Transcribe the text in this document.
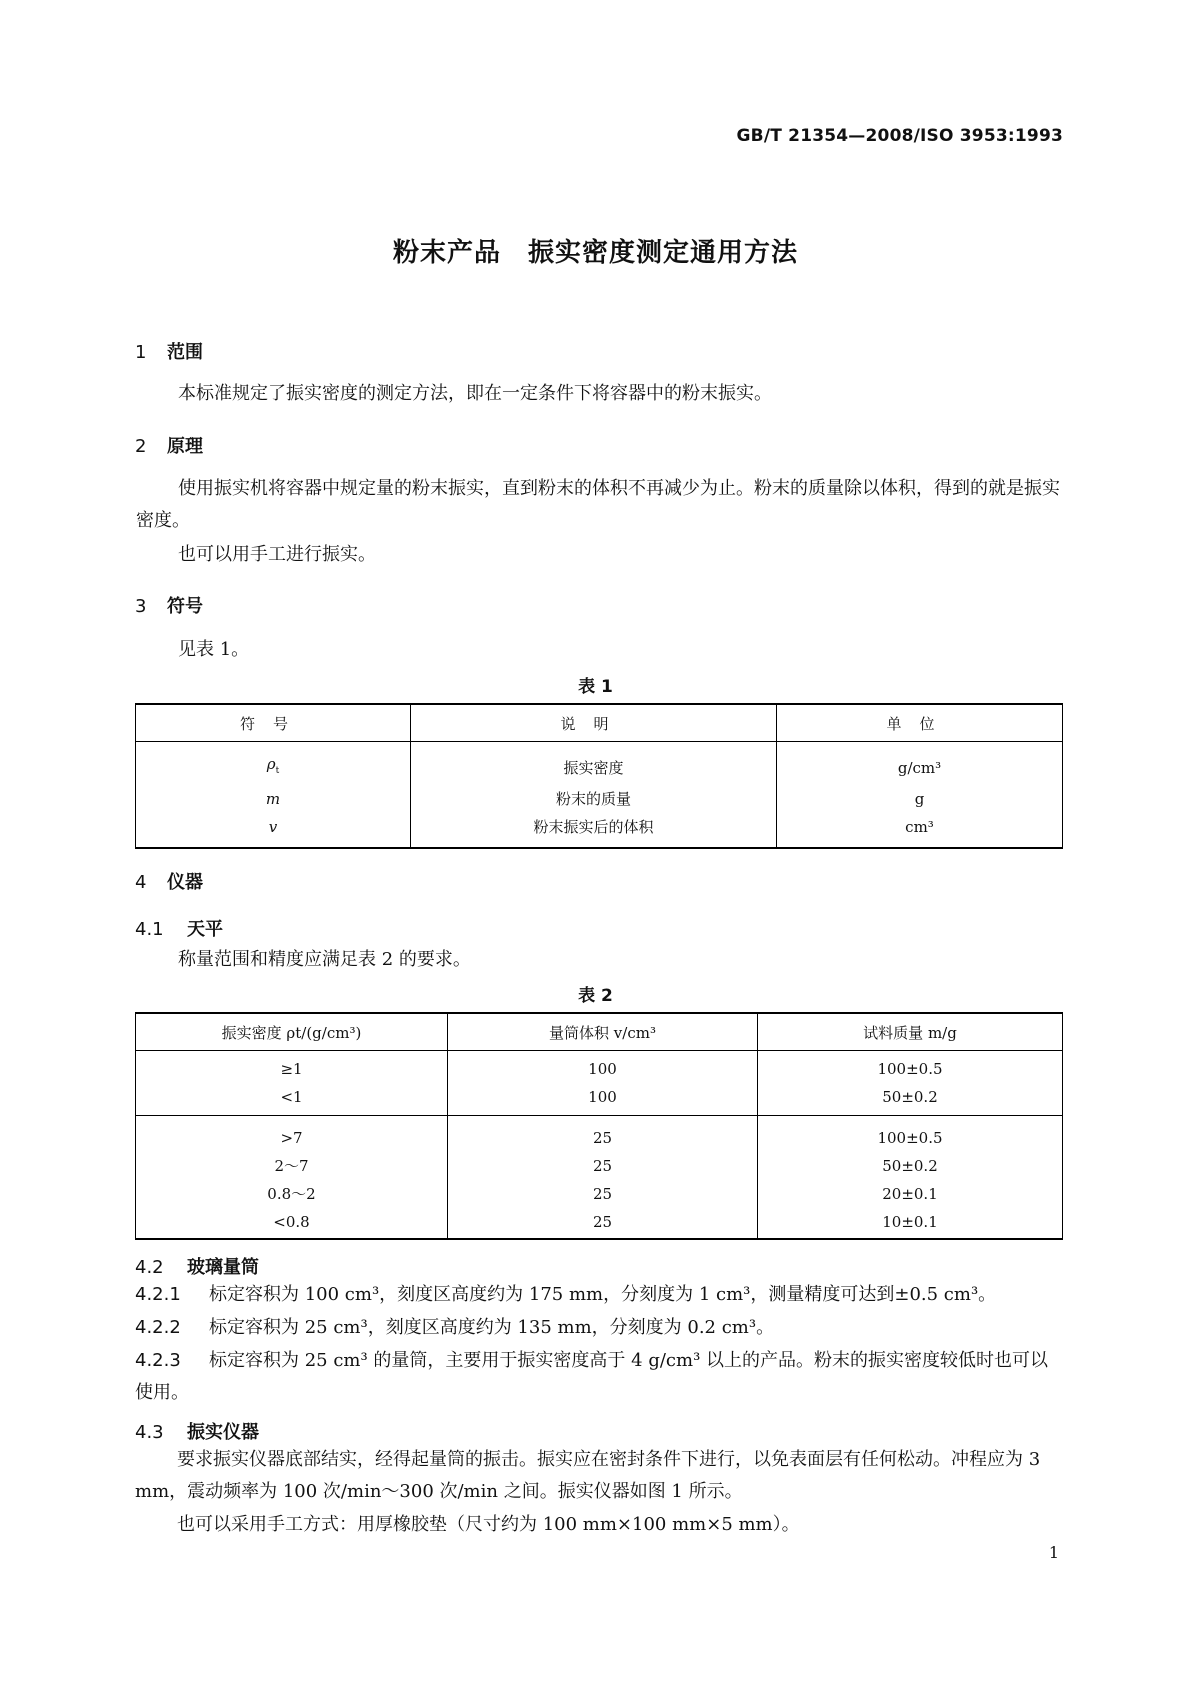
GB/T 21354—2008/ISO 3953:1993
粉末产品　振实密度测定通用方法
1 范围
本标准规定了振实密度的测定方法，即在一定条件下将容器中的粉末振实。
2 原理
使用振实机将容器中规定量的粉末振实，直到粉末的体积不再减少为止。粉末的质量除以体积，得到的就是振实密度。
也可以用手工进行振实。
3 符号
见表 1。
表 1
符号	说明	单位
$\rho_t$	振实密度	g/cm³
m	粉末的质量	g
v	粉末振实后的体积	cm³
4 仪器
4.1 天平
称量范围和精度应满足表 2 的要求。
表 2
振实密度 ρt/(g/cm³)	量筒体积 v/cm³	试料质量 m/g
≥1	100	100±0.5
<1	100	50±0.2
>7	25	100±0.5
2～7	25	50±0.2
0.8～2	25	20±0.1
<0.8	25	10±0.1
4.2 玻璃量筒
4.2.1 标定容积为 100 cm³，刻度区高度约为 175 mm，分刻度为 1 cm³，测量精度可达到±0.5 cm³。
4.2.2 标定容积为 25 cm³，刻度区高度约为 135 mm，分刻度为 0.2 cm³。
4.2.3 标定容积为 25 cm³ 的量筒，主要用于振实密度高于 4 g/cm³ 以上的产品。粉末的振实密度较低时也可以使用。
4.3 振实仪器
要求振实仪器底部结实，经得起量筒的振击。振实应在密封条件下进行，以免表面层有任何松动。冲程应为 3 mm，震动频率为 100 次/min～300 次/min 之间。振实仪器如图 1 所示。
也可以采用手工方式：用厚橡胶垫（尺寸约为 100 mm×100 mm×5 mm）。
1
